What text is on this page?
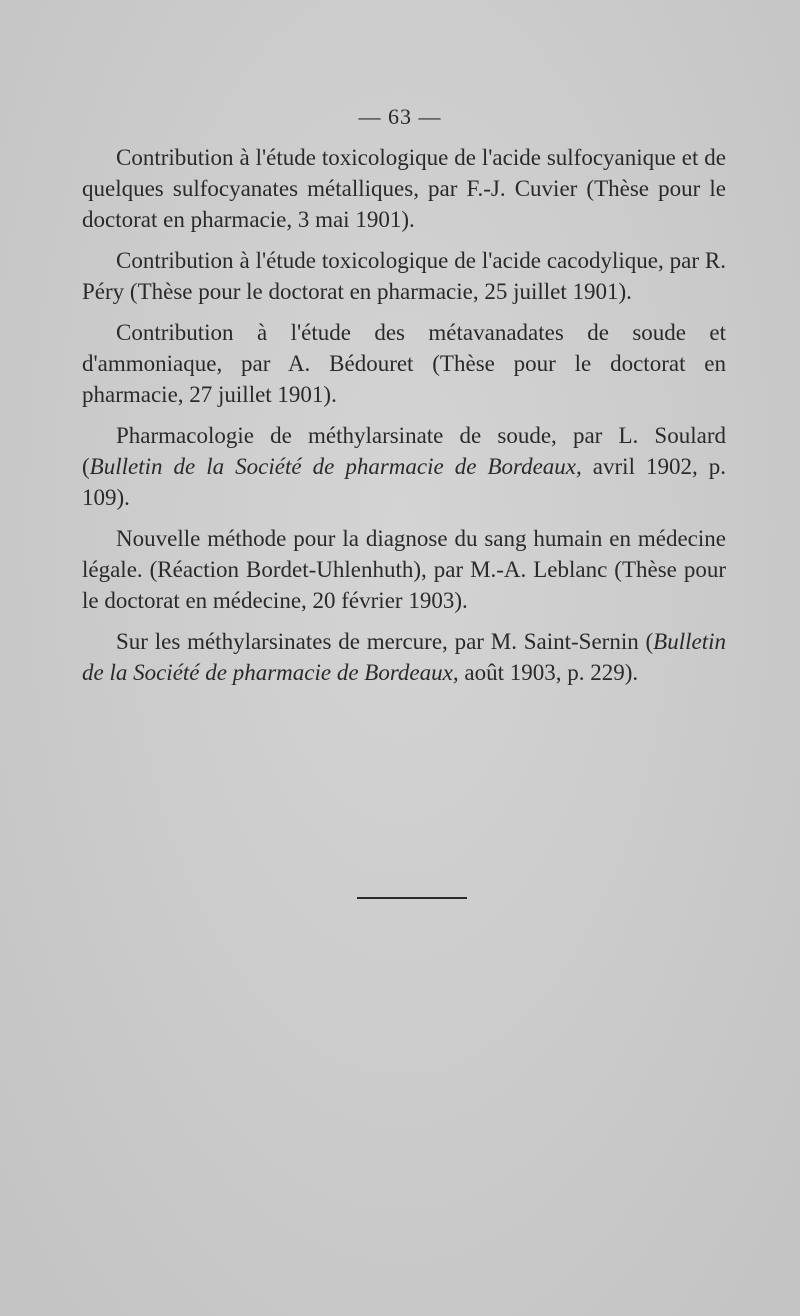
— 63 —

Contribution à l'étude toxicologique de l'acide sulfocyanique et de quelques sulfocyanates métalliques, par F.-J. Cuvier (Thèse pour le doctorat en pharmacie, 3 mai 1901).

Contribution à l'étude toxicologique de l'acide cacodylique, par R. Péry (Thèse pour le doctorat en pharmacie, 25 juillet 1901).

Contribution à l'étude des métavanadates de soude et d'ammoniaque, par A. Bédouret (Thèse pour le doctorat en pharmacie, 27 juillet 1901).

Pharmacologie de méthylarsinate de soude, par L. Soulard (Bulletin de la Société de pharmacie de Bordeaux, avril 1902, p. 109).

Nouvelle méthode pour la diagnose du sang humain en médecine légale. (Réaction Bordet-Uhlenhuth), par M.-A. Leblanc (Thèse pour le doctorat en médecine, 20 février 1903).

Sur les méthylarsinates de mercure, par M. Saint-Sernin (Bulletin de la Société de pharmacie de Bordeaux, août 1903, p. 229).
